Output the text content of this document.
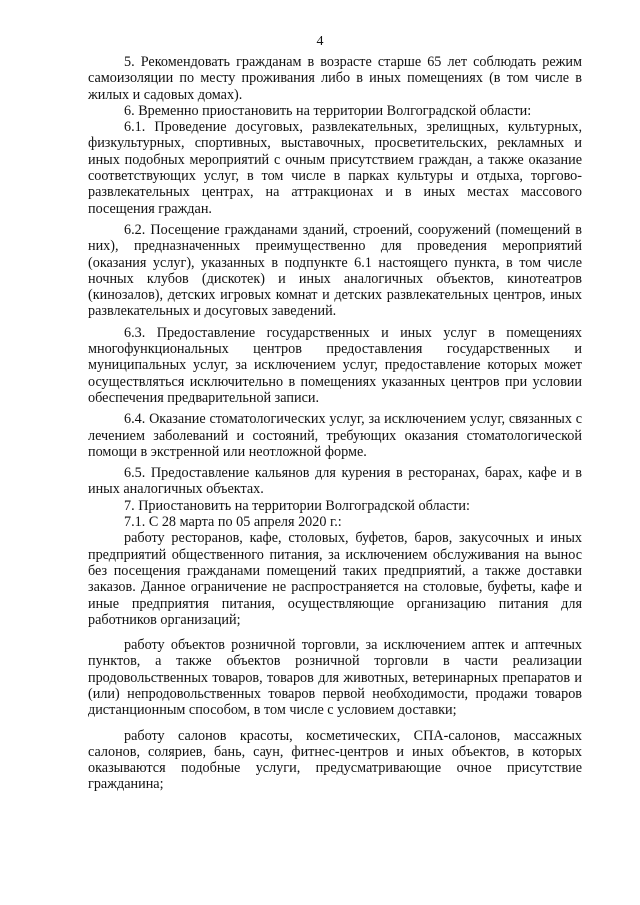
4

5. Рекомендовать гражданам в возрасте старше 65 лет соблюдать режим самоизоляции по месту проживания либо в иных помещениях (в том числе в жилых и садовых домах).

6. Временно приостановить на территории Волгоградской области:

6.1. Проведение досуговых, развлекательных, зрелищных, культурных, физкультурных, спортивных, выставочных, просветительских, рекламных и иных подобных мероприятий с очным присутствием граждан, а также оказание соответствующих услуг, в том числе в парках культуры и отдыха, торгово-развлекательных центрах, на аттракционах и в иных местах массового посещения граждан.

6.2. Посещение гражданами зданий, строений, сооружений (помещений в них), предназначенных преимущественно для проведения мероприятий (оказания услуг), указанных в подпункте 6.1 настоящего пункта, в том числе ночных клубов (дискотек) и иных аналогичных объектов, кинотеатров (кинозалов), детских игровых комнат и детских развлекательных центров, иных развлекательных и досуговых заведений.

6.3. Предоставление государственных и иных услуг в помещениях многофункциональных центров предоставления государственных и муниципальных услуг, за исключением услуг, предоставление которых может осуществляться исключительно в помещениях указанных центров при условии обеспечения предварительной записи.

6.4. Оказание стоматологических услуг, за исключением услуг, связанных с лечением заболеваний и состояний, требующих оказания стоматологической помощи в экстренной или неотложной форме.

6.5. Предоставление кальянов для курения в ресторанах, барах, кафе и в иных аналогичных объектах.

7. Приостановить на территории Волгоградской области:

7.1. С 28 марта по 05 апреля 2020 г.:

работу ресторанов, кафе, столовых, буфетов, баров, закусочных и иных предприятий общественного питания, за исключением обслуживания на вынос без посещения гражданами помещений таких предприятий, а также доставки заказов. Данное ограничение не распространяется на столовые, буфеты, кафе и иные предприятия питания, осуществляющие организацию питания для работников организаций;

работу объектов розничной торговли, за исключением аптек и аптечных пунктов, а также объектов розничной торговли в части реализации продовольственных товаров, товаров для животных, ветеринарных препаратов и (или) непродовольственных товаров первой необходимости, продажи товаров дистанционным способом, в том числе с условием доставки;

работу салонов красоты, косметических, СПА-салонов, массажных салонов, соляриев, бань, саун, фитнес-центров и иных объектов, в которых оказываются подобные услуги, предусматривающие очное присутствие гражданина;
